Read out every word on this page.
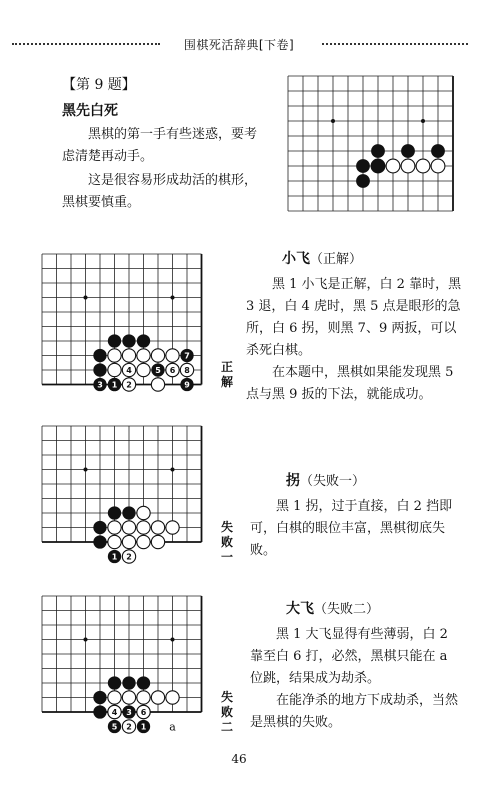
围棋死活辞典[下卷]
【第 9 题】
黑先白死

黑棋的第一手有些迷惑，要考虑清楚再动手。

这是很容易形成劫活的棋形，黑棋要慎重。

4	5 6
7
8
9
3 1 2
正解
小飞（正解）

黑 1 小飞是正解，白 2 靠时，黑 3 退，白 4 虎时，黑 5 点是眼形的急所，白 6 拐，则黑 7、9 两扳，可以杀死白棋。

在本题中，黑棋如果能发现黑 5 点与黑 9 扳的下法，就能成功。

1 2
失败一
拐（失败一）

黑 1 拐，过于直接，白 2 挡即可，白棋的眼位丰富，黑棋彻底失败。

4 3 6
5 2 1 a
失败二
大飞（失败二）

黑 1 大飞显得有些薄弱，白 2 靠至白 6 打，必然，黑棋只能在 a 位跳，结果成为劫杀。

在能净杀的地方下成劫杀，当然是黑棋的失败。

46
